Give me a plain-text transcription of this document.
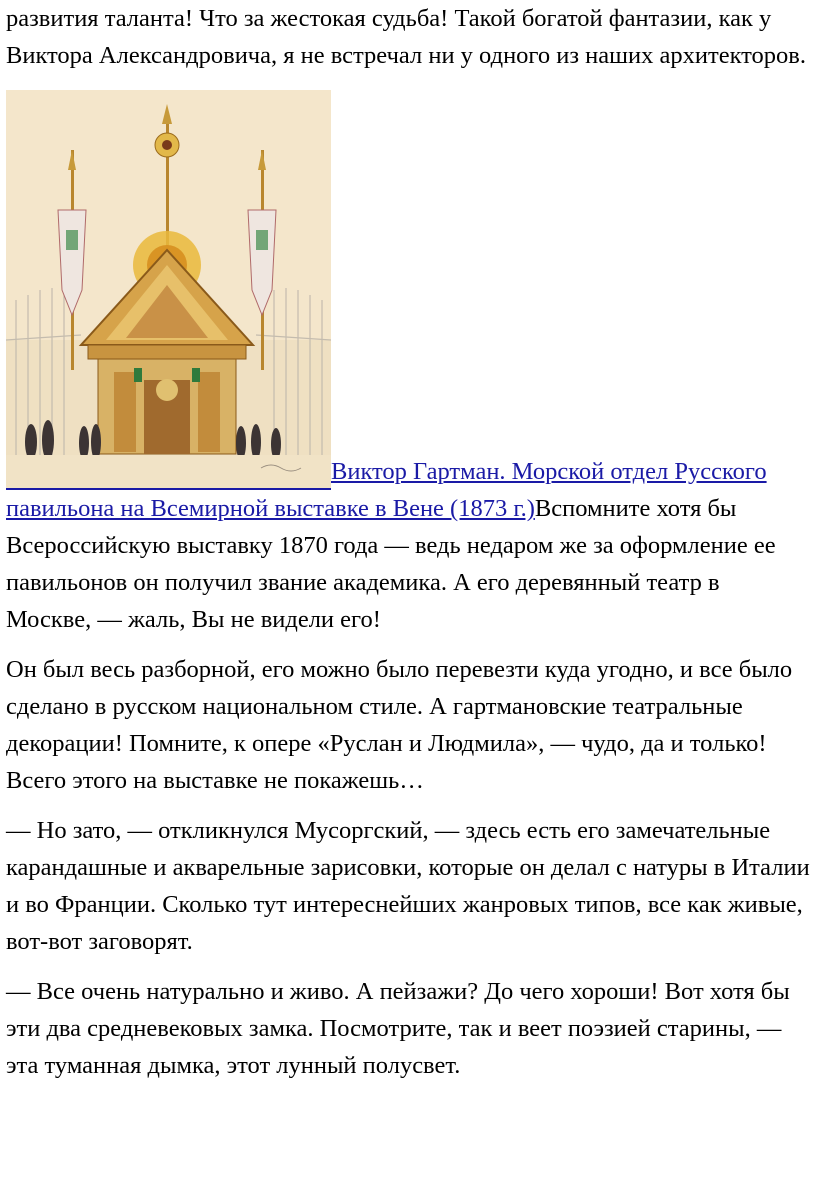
развития таланта! Что за жестокая судьба! Такой богатой фантазии, как у Виктора Александровича, я не встречал ни у одного из наших архитекторов.

Виктор Гартман. Морской отдел Русского павильона на Всемирной выставке в Вене (1873 г.)Вспомните хотя бы Всероссийскую выставку 1870 года — ведь недаром же за оформление ее павильонов он получил звание академика. А его деревянный театр в Москве, — жаль, Вы не видели его!

Он был весь разборной, его можно было перевезти куда угодно, и все было сделано в русском национальном стиле. А гартмановские театральные декорации! Помните, к опере «Руслан и Людмила», — чудо, да и только! Всего этого на выставке не покажешь…

— Но зато, — откликнулся Мусоргский, — здесь есть его замечательные карандашные и акварельные зарисовки, которые он делал с натуры в Италии и во Франции. Сколько тут интереснейших жанровых типов, все как живые, вот-вот заговорят.

— Все очень натурально и живо. А пейзажи? До чего хороши! Вот хотя бы эти два средневековых замка. Посмотрите, так и веет поэзией старины, — эта туманная дымка, этот лунный полусвет.
